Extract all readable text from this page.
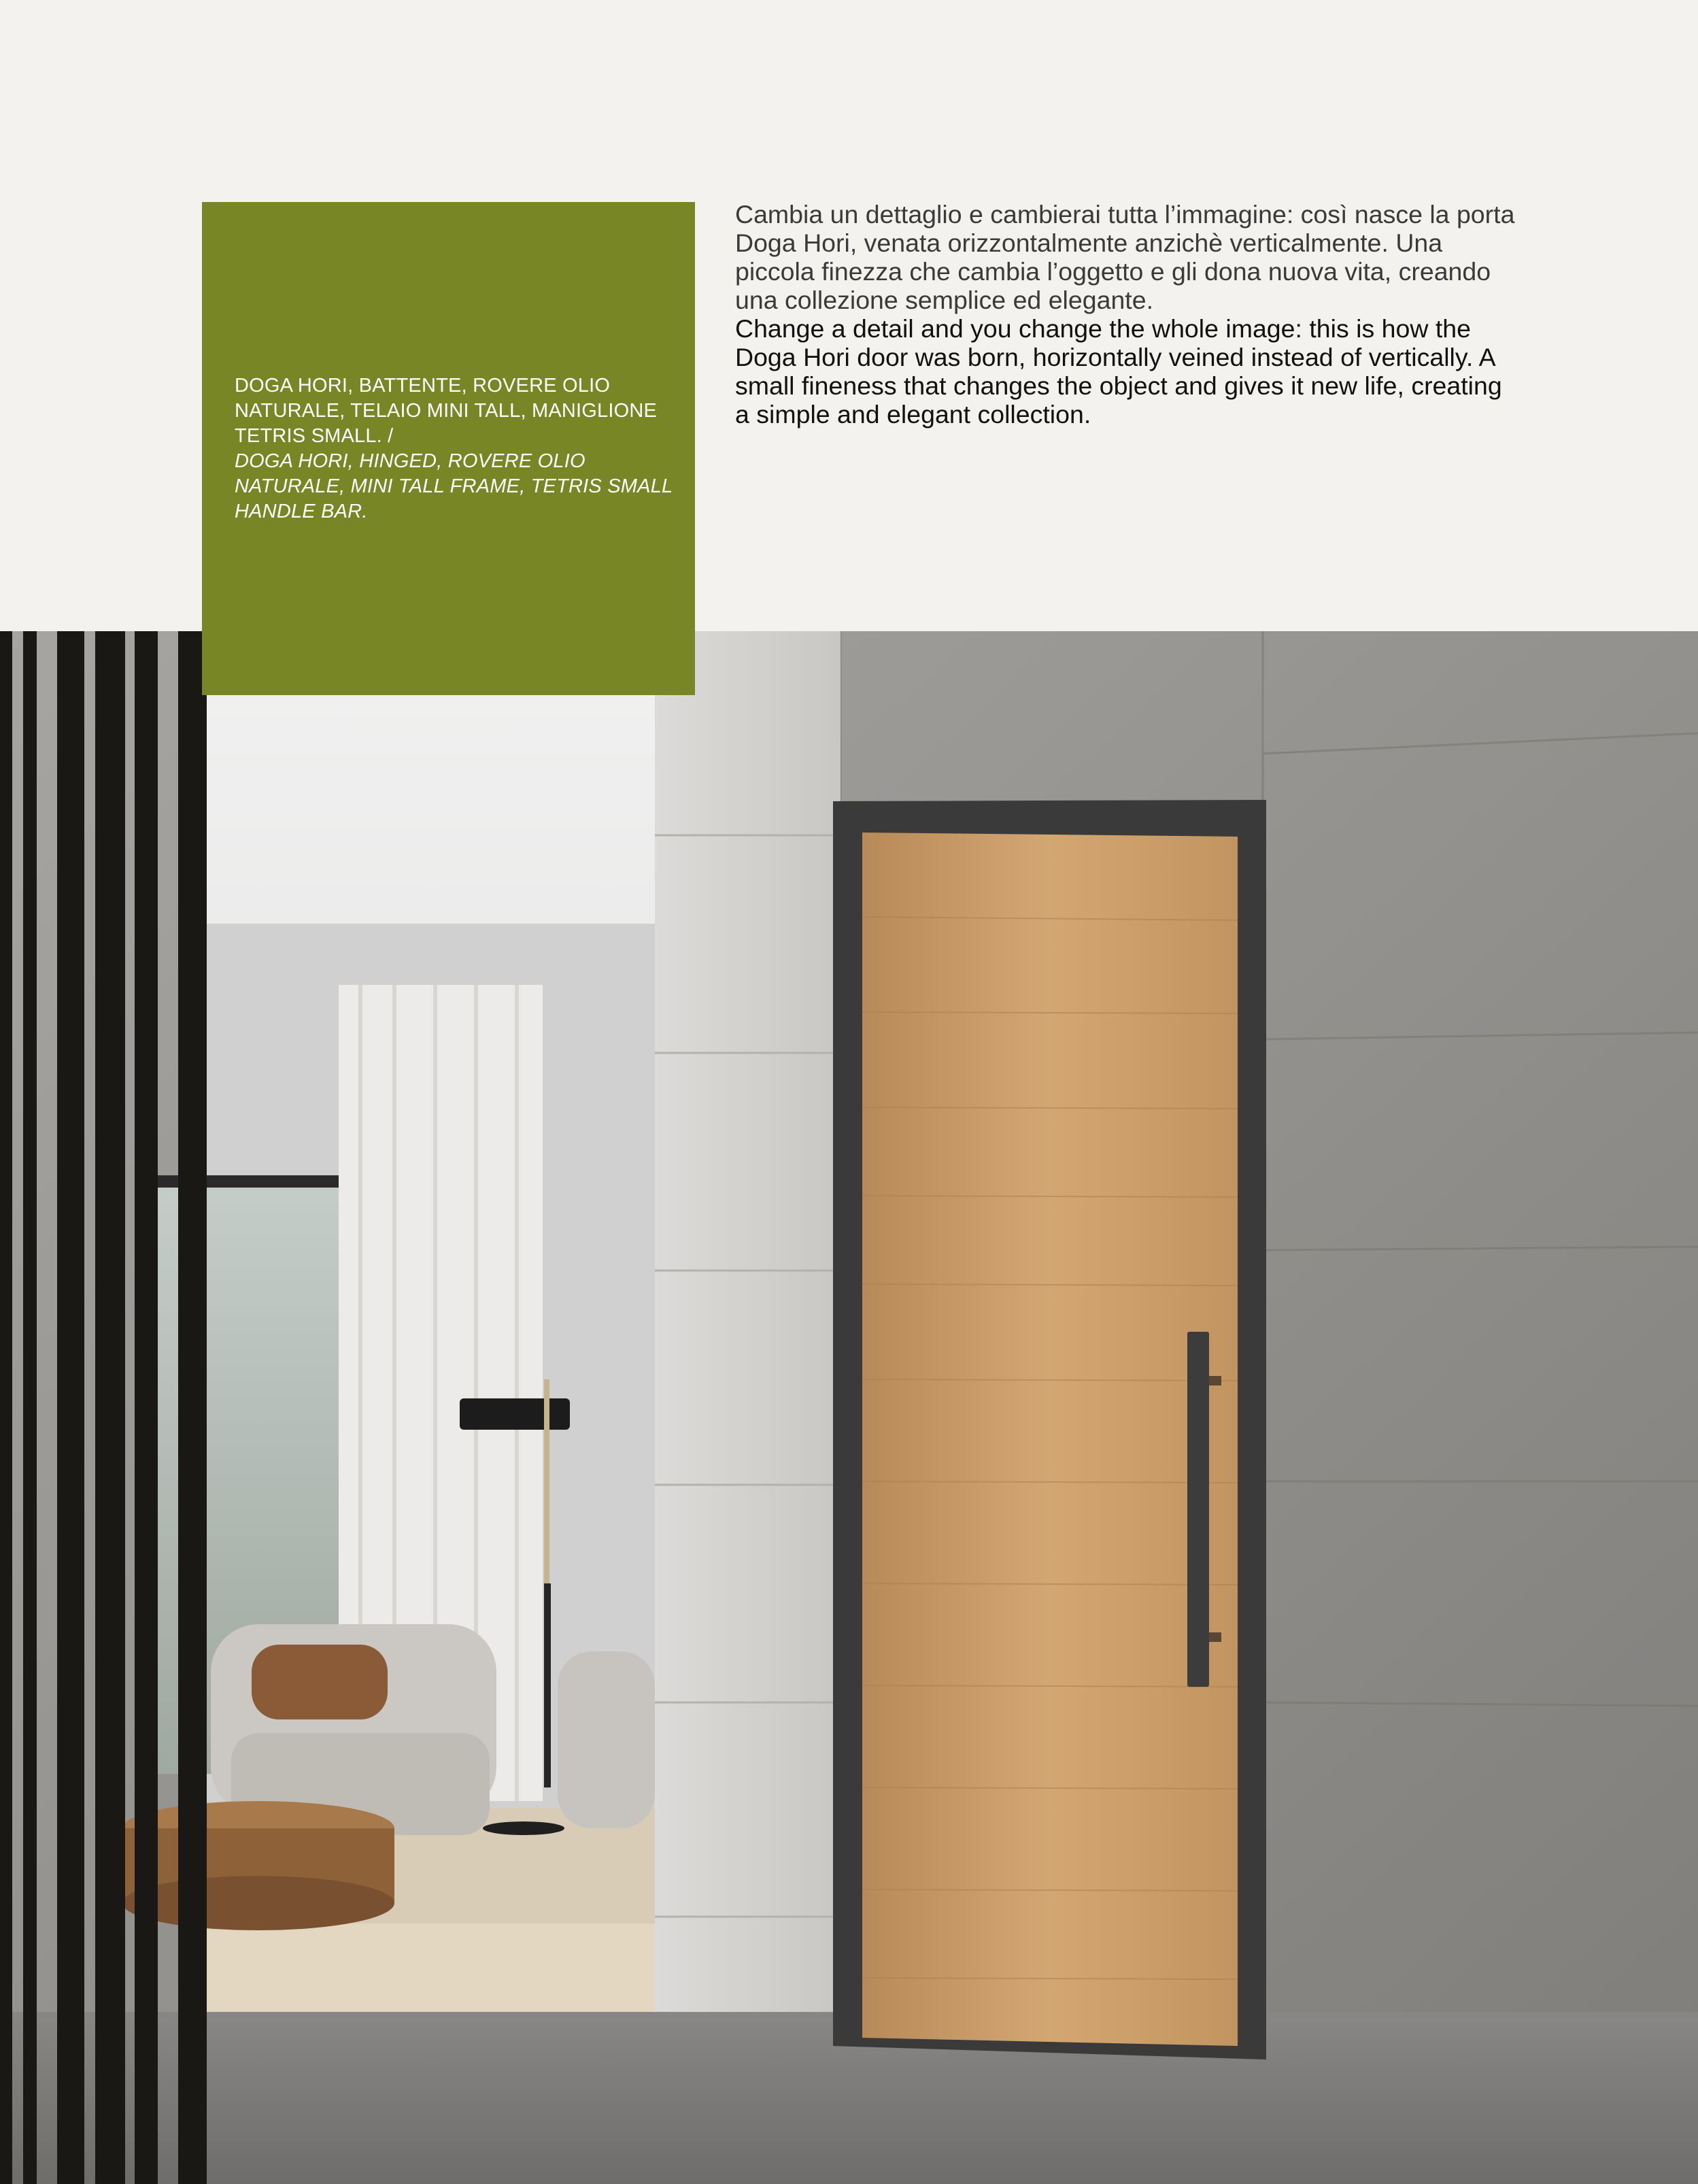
DOGA HORI, BATTENTE, ROVERE OLIO NATURALE, TELAIO MINI TALL, MANIGLIONE TETRIS SMALL. /
DOGA HORI, HINGED, ROVERE OLIO NATURALE, MINI TALL FRAME, TETRIS SMALL HANDLE BAR.

Cambia un dettaglio e cambierai tutta l’immagine: così nasce la porta Doga Hori, venata orizzontalmente anzichè verticalmente. Una piccola finezza che cambia l’oggetto e gli dona nuova vita, creando una collezione semplice ed elegante.

Change a detail and you change the whole image: this is how the Doga Hori door was born, horizontally veined instead of vertically. A small fineness that changes the object and gives it new life, creating a simple and elegant collection.
